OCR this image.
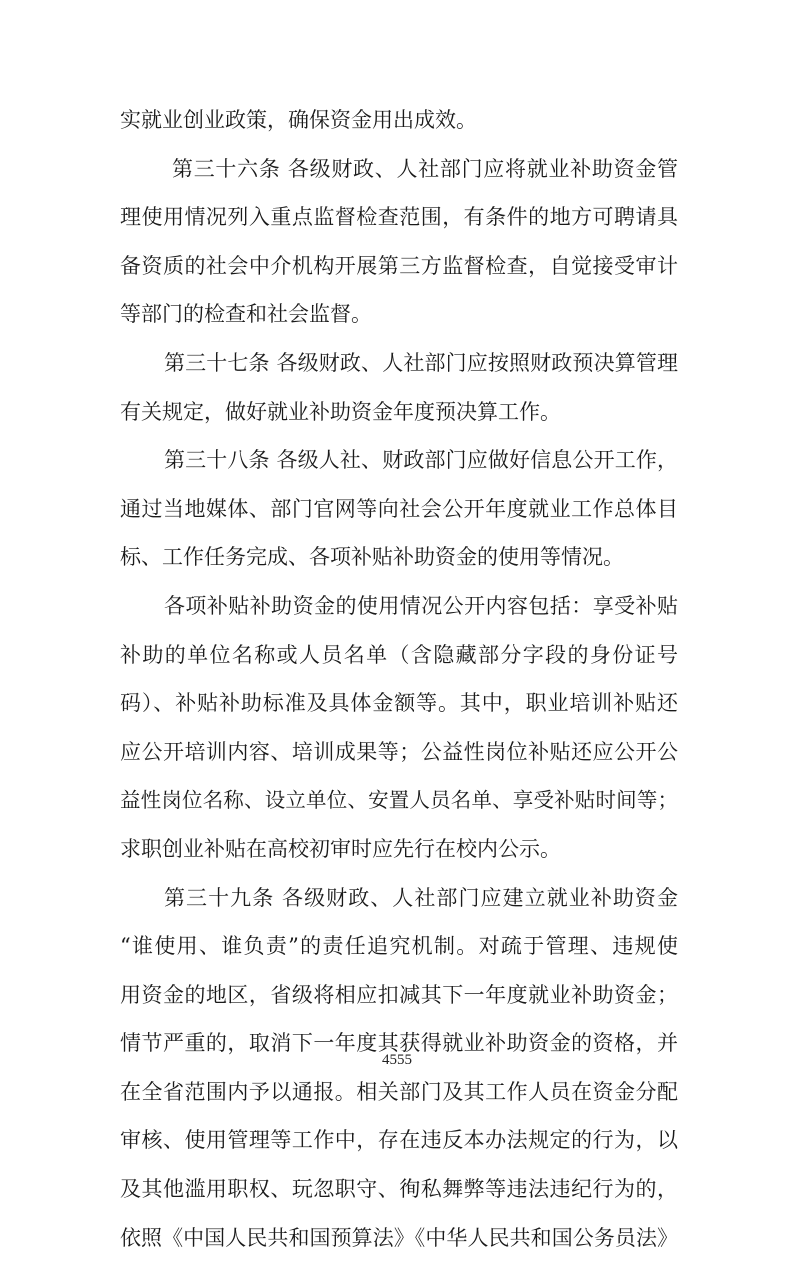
实就业创业政策，确保资金用出成效。
第三十六条 各级财政、人社部门应将就业补助资金管
理使用情况列入重点监督检查范围，有条件的地方可聘请具
备资质的社会中介机构开展第三方监督检查，自觉接受审计
等部门的检查和社会监督。
第三十七条 各级财政、人社部门应按照财政预决算管理
有关规定，做好就业补助资金年度预决算工作。
第三十八条 各级人社、财政部门应做好信息公开工作，
通过当地媒体、部门官网等向社会公开年度就业工作总体目
标、工作任务完成、各项补贴补助资金的使用等情况。
各项补贴补助资金的使用情况公开内容包括：享受补贴
补助的单位名称或人员名单（含隐藏部分字段的身份证号
码）、补贴补助标准及具体金额等。其中，职业培训补贴还
应公开培训内容、培训成果等；公益性岗位补贴还应公开公
益性岗位名称、设立单位、安置人员名单、享受补贴时间等；
求职创业补贴在高校初审时应先行在校内公示。
第三十九条 各级财政、人社部门应建立就业补助资金
“谁使用、谁负责”的责任追究机制。对疏于管理、违规使
用资金的地区，省级将相应扣减其下一年度就业补助资金；
情节严重的，取消下一年度其获得就业补助资金的资格，并
在全省范围内予以通报。相关部门及其工作人员在资金分配
审核、使用管理等工作中，存在违反本办法规定的行为，以
及其他滥用职权、玩忽职守、徇私舞弊等违法违纪行为的，
依照《中国人民共和国预算法》《中华人民共和国公务员法》
4555
